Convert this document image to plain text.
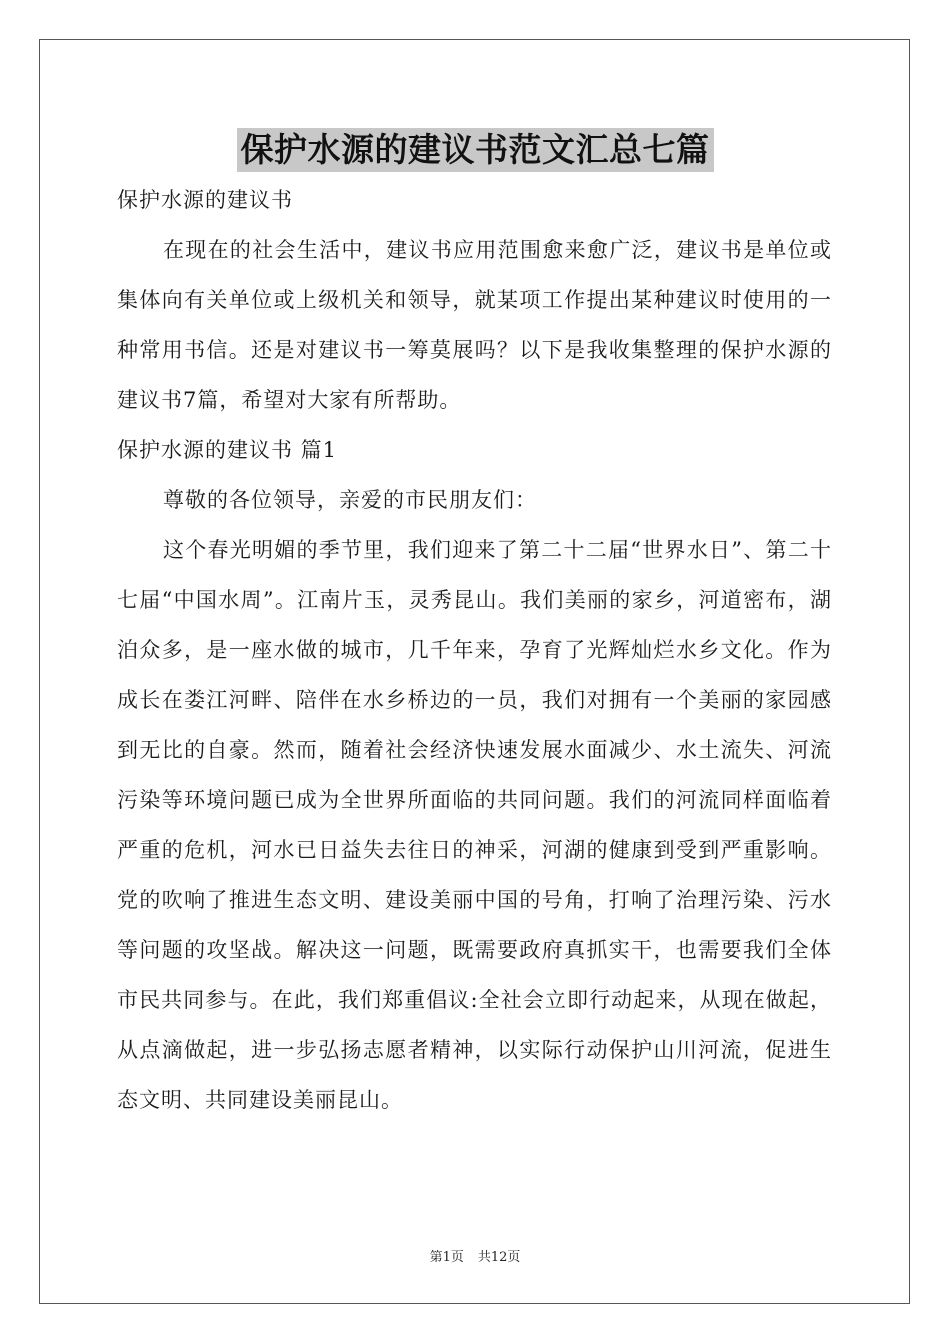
保护水源的建议书范文汇总七篇

保护水源的建议书

在现在的社会生活中，建议书应用范围愈来愈广泛，建议书是单位或集体向有关单位或上级机关和领导，就某项工作提出某种建议时使用的一种常用书信。还是对建议书一筹莫展吗？以下是我收集整理的保护水源的建议书7篇，希望对大家有所帮助。

保护水源的建议书 篇1

尊敬的各位领导，亲爱的市民朋友们：

这个春光明媚的季节里，我们迎来了第二十二届“世界水日”、第二十七届“中国水周”。江南片玉，灵秀昆山。我们美丽的家乡，河道密布，湖泊众多，是一座水做的城市，几千年来，孕育了光辉灿烂水乡文化。作为成长在娄江河畔、陪伴在水乡桥边的一员，我们对拥有一个美丽的家园感到无比的自豪。然而，随着社会经济快速发展水面减少、水土流失、河流污染等环境问题已成为全世界所面临的共同问题。我们的河流同样面临着严重的危机，河水已日益失去往日的神采，河湖的健康到受到严重影响。党的吹响了推进生态文明、建设美丽中国的号角，打响了治理污染、污水等问题的攻坚战。解决这一问题，既需要政府真抓实干，也需要我们全体市民共同参与。在此，我们郑重倡议:全社会立即行动起来，从现在做起，从点滴做起，进一步弘扬志愿者精神，以实际行动保护山川河流，促进生态文明、共同建设美丽昆山。

第1页 共12页
